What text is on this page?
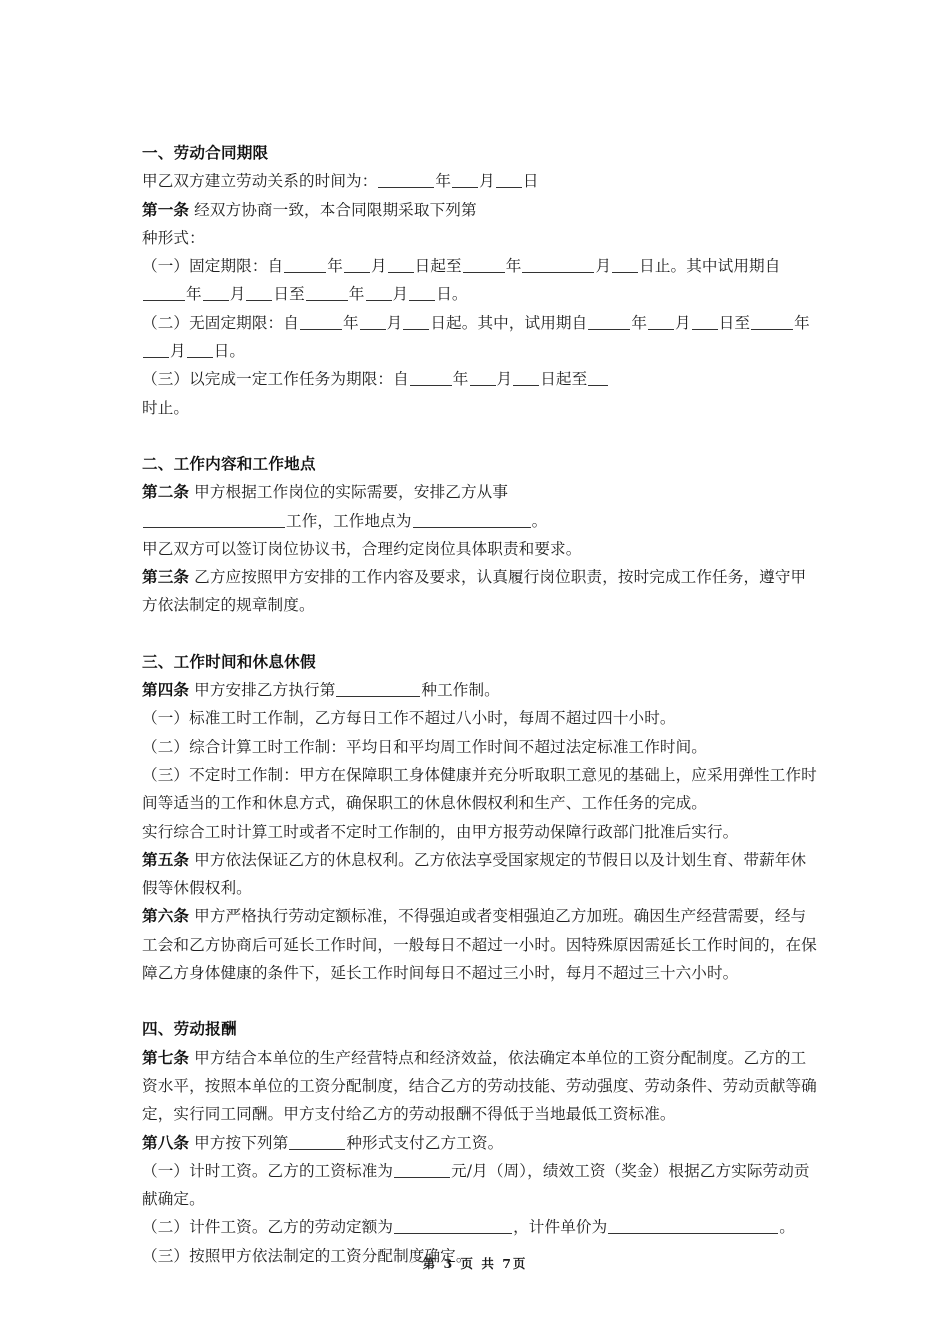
一、劳动合同期限
甲乙双方建立劳动关系的时间为：	年 月 日
第一条 经双方协商一致，本合同限期采取下列第
种形式：
（一）固定期限：自	年 月 日起至	年	月 日止。其中试用期自年 月 日至	年 月 日。
（二）无固定期限：自	年 月 日起。其中，试用期自	年 月 日至	年月 日。
（三）以完成一定工作任务为期限：自	年 月 日起至
时止。
二、工作内容和工作地点
第二条 甲方根据工作岗位的实际需要，安排乙方从事
工作，工作地点为	。
甲乙双方可以签订岗位协议书，合理约定岗位具体职责和要求。
第三条 乙方应按照甲方安排的工作内容及要求，认真履行岗位职责，按时完成工作任务，遵守甲方依法制定的规章制度。
三、工作时间和休息休假
第四条 甲方安排乙方执行第	种工作制。
（一）标准工时工作制，乙方每日工作不超过八小时，每周不超过四十小时。
（二）综合计算工时工作制：平均日和平均周工作时间不超过法定标准工作时间。
（三）不定时工作制：甲方在保障职工身体健康并充分听取职工意见的基础上，应采用弹性工作时间等适当的工作和休息方式，确保职工的休息休假权利和生产、工作任务的完成。
实行综合工时计算工时或者不定时工作制的，由甲方报劳动保障行政部门批准后实行。
第五条 甲方依法保证乙方的休息权利。乙方依法享受国家规定的节假日以及计划生育、带薪年休假等休假权利。
第六条 甲方严格执行劳动定额标准，不得强迫或者变相强迫乙方加班。确因生产经营需要，经与工会和乙方协商后可延长工作时间，一般每日不超过一小时。因特殊原因需延长工作时间的，在保障乙方身体健康的条件下，延长工作时间每日不超过三小时，每月不超过三十六小时。
四、劳动报酬
第七条 甲方结合本单位的生产经营特点和经济效益，依法确定本单位的工资分配制度。乙方的工资水平，按照本单位的工资分配制度，结合乙方的劳动技能、劳动强度、劳动条件、劳动贡献等确定，实行同工同酬。甲方支付给乙方的劳动报酬不得低于当地最低工资标准。
第八条 甲方按下列第	种形式支付乙方工资。
（一）计时工资。乙方的工资标准为	元/月（周），绩效工资（奖金）根据乙方实际劳动贡献确定。
（二）计件工资。乙方的劳动定额为	，计件单价为	。
（三）按照甲方依法制定的工资分配制度确定。
第 3 页 共 7页
